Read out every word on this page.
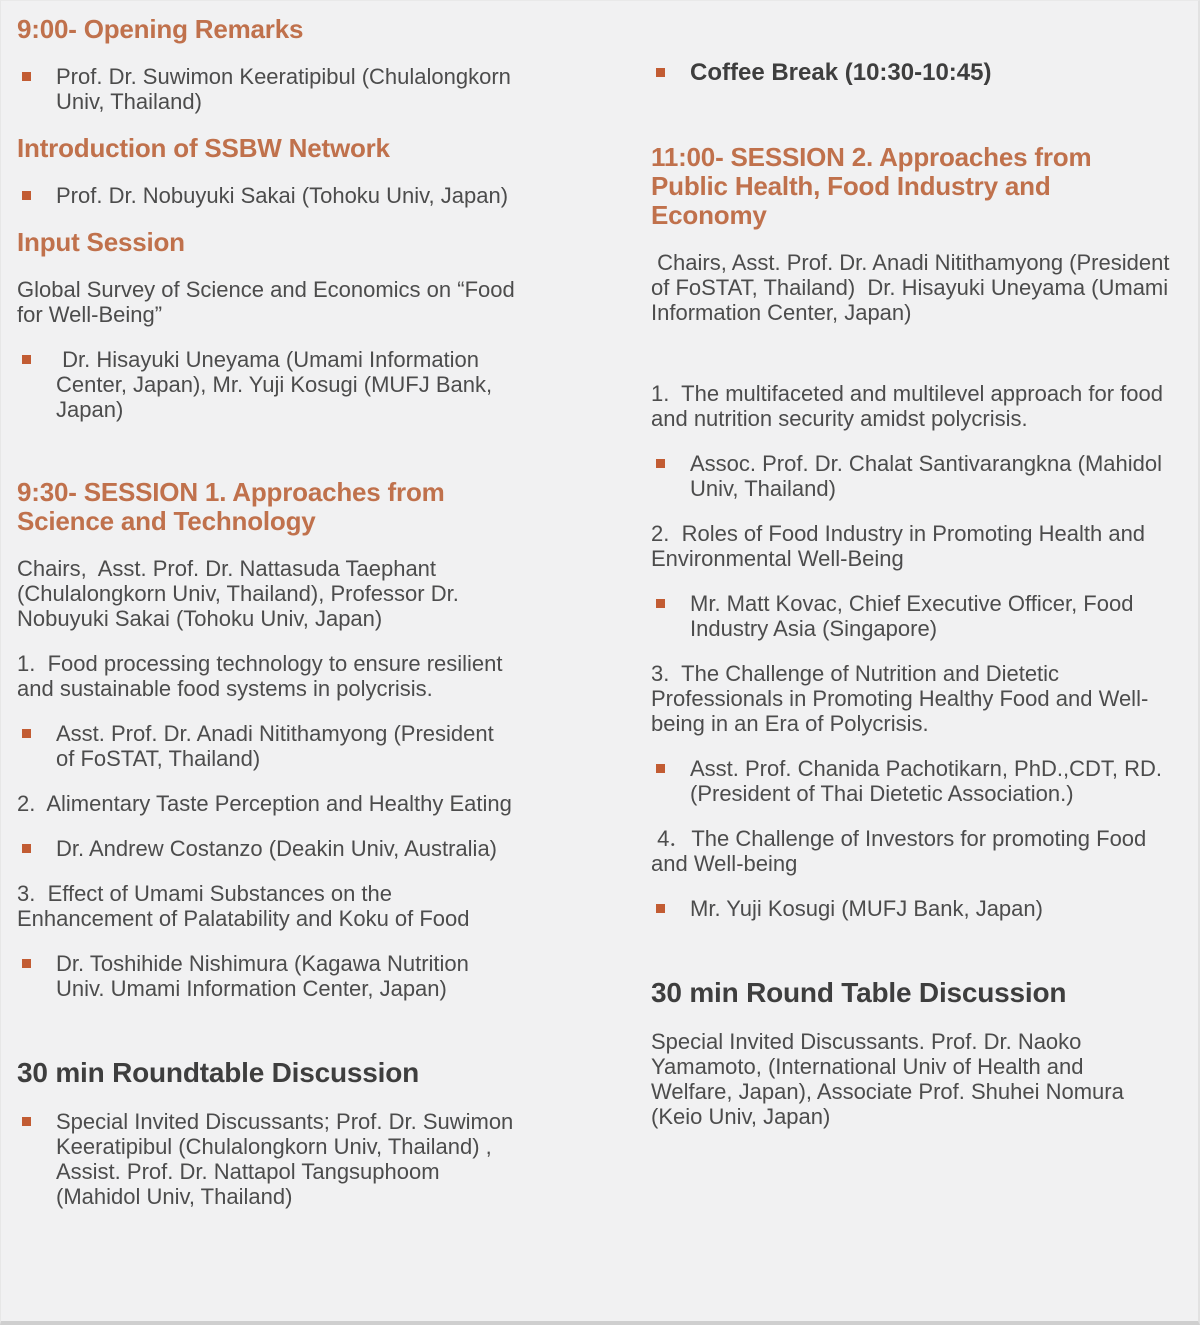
9:00- Opening Remarks
Prof. Dr. Suwimon Keeratipibul (Chulalongkorn Univ, Thailand)
Introduction of SSBW Network
Prof. Dr. Nobuyuki Sakai (Tohoku Univ, Japan)
Input Session
Global Survey of Science and Economics on “Food for Well-Being”
Dr. Hisayuki Uneyama (Umami Information Center, Japan), Mr. Yuji Kosugi (MUFJ Bank, Japan)
9:30- SESSION 1. Approaches from Science and Technology
Chairs,  Asst. Prof. Dr. Nattasuda Taephant (Chulalongkorn Univ, Thailand), Professor Dr. Nobuyuki Sakai (Tohoku Univ, Japan)
1.  Food processing technology to ensure resilient and sustainable food systems in polycrisis.
Asst. Prof. Dr. Anadi Nitithamyong (President of FoSTAT, Thailand)
2.  Alimentary Taste Perception and Healthy Eating
Dr. Andrew Costanzo (Deakin Univ, Australia)
3.  Effect of Umami Substances on the Enhancement of Palatability and Koku of Food
Dr. Toshihide Nishimura (Kagawa Nutrition Univ. Umami Information Center, Japan)
30 min Roundtable Discussion
Special Invited Discussants; Prof. Dr. Suwimon Keeratipibul (Chulalongkorn Univ, Thailand) , Assist. Prof. Dr. Nattapol Tangsuphoom (Mahidol Univ, Thailand)
Coffee Break (10:30-10:45)
11:00- SESSION 2. Approaches from Public Health, Food Industry and Economy
Chairs, Asst. Prof. Dr. Anadi Nitithamyong (President of FoSTAT, Thailand)  Dr. Hisayuki Uneyama (Umami Information Center, Japan)
1.  The multifaceted and multilevel approach for food and nutrition security amidst polycrisis.
Assoc. Prof. Dr. Chalat Santivarangkna (Mahidol Univ, Thailand)
2.  Roles of Food Industry in Promoting Health and Environmental Well-Being
Mr. Matt Kovac, Chief Executive Officer, Food Industry Asia (Singapore)
3.  The Challenge of Nutrition and Dietetic Professionals in Promoting Healthy Food and Well-being in an Era of Polycrisis.
Asst. Prof. Chanida Pachotikarn, PhD.,CDT, RD. (President of Thai Dietetic Association.)
4．The Challenge of Investors for promoting Food and Well-being
Mr. Yuji Kosugi (MUFJ Bank, Japan)
30 min Round Table Discussion
Special Invited Discussants. Prof. Dr. Naoko Yamamoto, (International Univ of Health and Welfare, Japan), Associate Prof. Shuhei Nomura (Keio Univ, Japan)
